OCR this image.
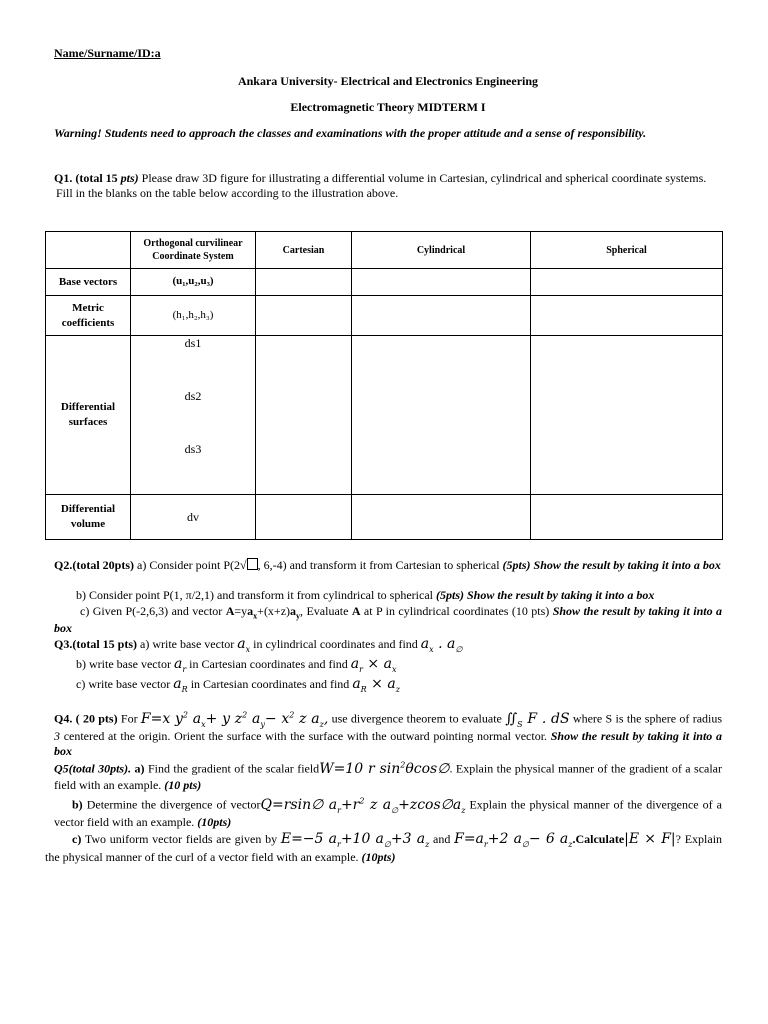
Name/Surname/ID:a
Ankara University- Electrical and Electronics Engineering
Electromagnetic Theory MIDTERM I
Warning! Students need to approach the classes and examinations with the proper attitude and a sense of responsibility.
Q1. (total 15 pts) Please draw 3D figure for illustrating a differential volume in Cartesian, cylindrical and spherical coordinate systems.
Fill in the blanks on the table below according to the illustration above.
	Orthogonal curvilinear Coordinate System	Cartesian	Cylindrical	Spherical
Base vectors	(u₁,u₂,u₃)			
Metric coefficients	(h₁,h₂,h₃)			
Differential surfaces	ds1
ds2
ds3			

Differential volume	dv			
Q2.(total 20pts) a) Consider point P(2√ , 6,-4) and transform it from Cartesian to spherical (5pts) Show the result by taking it into a box
b) Consider point P(1, π/2,1) and transform it from cylindrical to spherical (5pts) Show the result by taking it into a box
c) Given P(-2,6,3) and vector $A=ya_x+(x+z)a_y$, Evaluate A at P in cylindrical coordinates (10 pts) Show the result by taking it into a box
Q3.(total 15 pts) a) write base vector $a_x$ in cylindrical coordinates and find $a_x$ . $a_\emptyset$
b) write base vector $a_r$ in Cartesian coordinates and find $a_r \times a_x$
c) write base vector $a_R$ in Cartesian coordinates and find $a_R \times a_z$
Q4. ( 20 pts) For F=x $y^2$ $a_x+ y$ $z^2$ $a_y- x^2$ z $a_z$, use divergence theorem to evaluate $∬_S$ F . dS where S is the sphere of radius 3 centered at the origin. Orient the surface with the surface with the outward pointing normal vector. Show the result by taking it into a box
Q5(total 30pts). a) Find the gradient of the scalar fieldW=10 r $\sin^2\theta\cos\emptyset$. Explain the physical manner of the gradient of a scalar field with an example. (10 pts)
b) Determine the divergence of vectorQ=rsin∅ $a_r+r^2$ z $a_\emptyset+zcos\emptyset a_z$ Explain the physical manner of the divergence of a vector field with an example. (10pts)
c) Two uniform vector fields are given by E=−5 $a_r+10$ $a_\emptyset+3$ $a_z$ and $F=a_r+2$ $a_\emptyset- 6$ $a_z.Calculate|E \times F|$? Explain the physical manner of the curl of a vector field with an example. (10pts)
